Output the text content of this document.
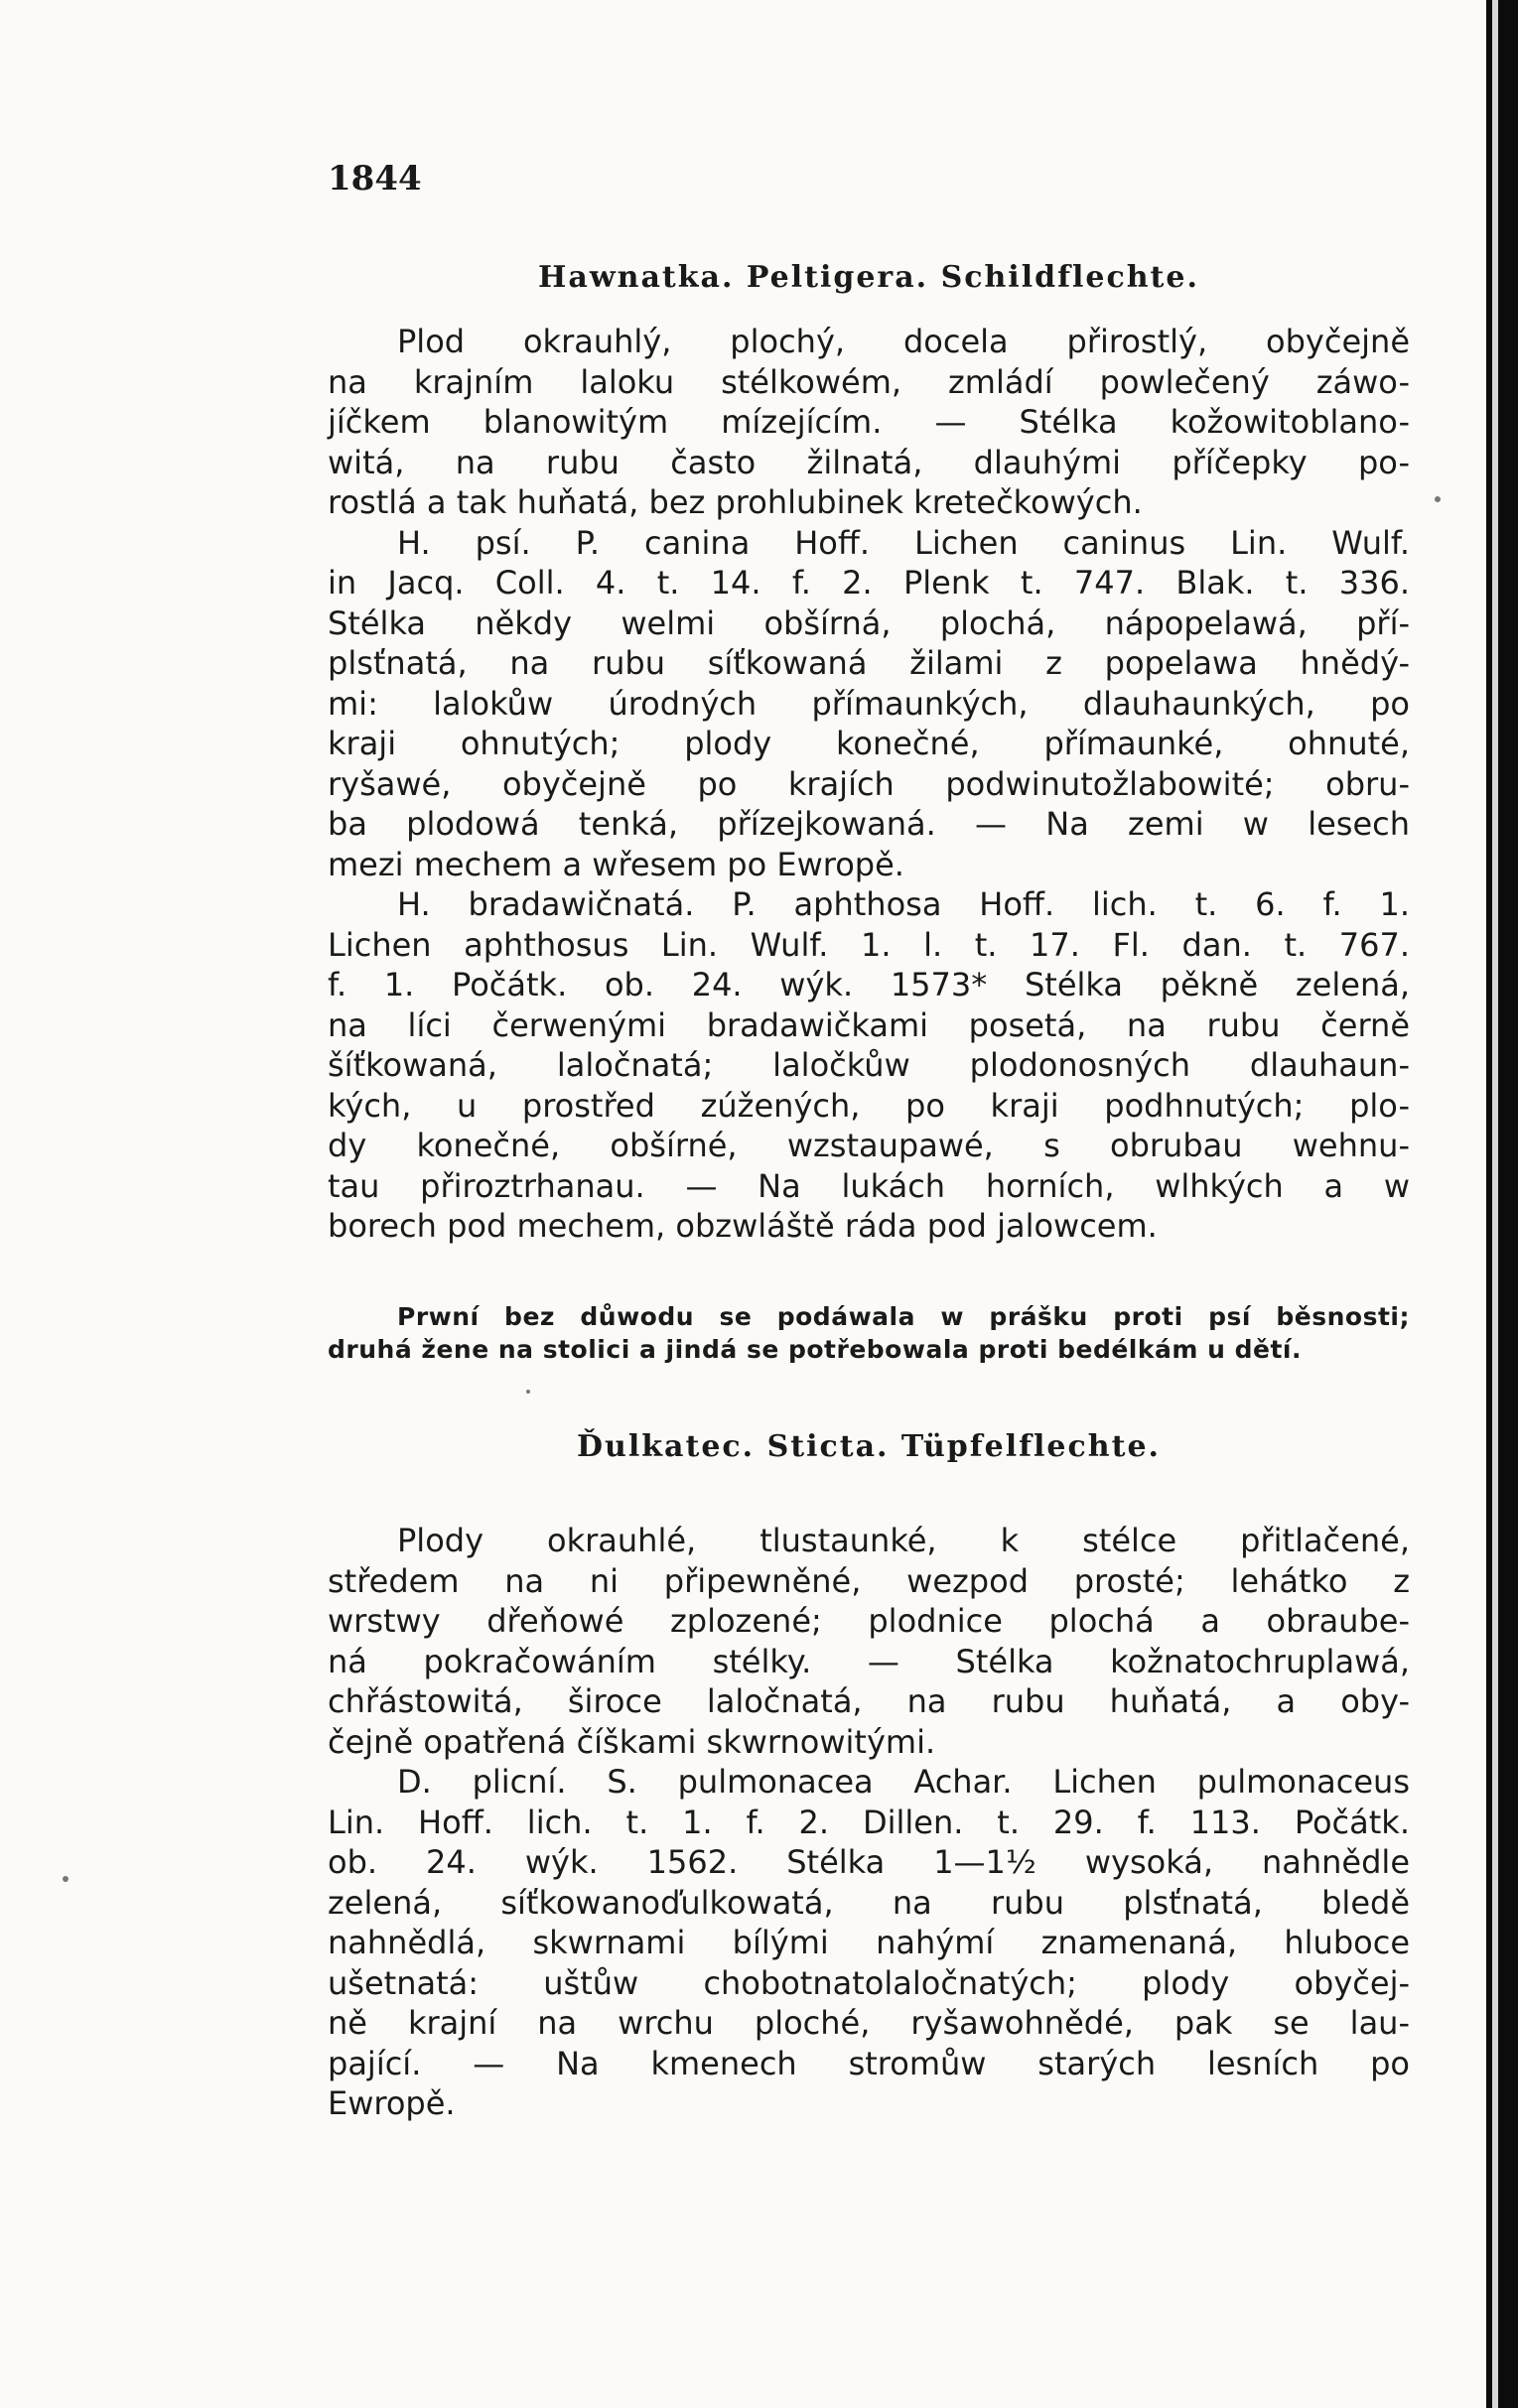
1844
Hawnatka. Peltigera. Schildflechte.
Plod okrauhlý, plochý, docela přirostlý, obyčejně
na krajním laloku stélkowém, zmládí powlečený záwo-
jíčkem blanowitým mízejícím. — Stélka kožowitoblano-
witá, na rubu často žilnatá, dlauhými příčepky po-
rostlá a tak huňatá, bez prohlubinek kretečkowých.
H. psí. P. canina Hoff. Lichen caninus Lin. Wulf.
in Jacq. Coll. 4. t. 14. f. 2. Plenk t. 747. Blak. t. 336.
Stélka někdy welmi obšírná, plochá, nápopelawá, pří-
plsťnatá, na rubu síťkowaná žilami z popelawa hnědý-
mi: lalokůw úrodných přímaunkých, dlauhaunkých, po
kraji ohnutých; plody konečné, přímaunké, ohnuté,
ryšawé, obyčejně po krajích podwinutožlabowité; obru-
ba plodowá tenká, přízejkowaná. — Na zemi w lesech
mezi mechem a wřesem po Ewropě.
H. bradawičnatá. P. aphthosa Hoff. lich. t. 6. f. 1.
Lichen aphthosus Lin. Wulf. 1. l. t. 17. Fl. dan. t. 767.
f. 1. Počátk. ob. 24. wýk. 1573* Stélka pěkně zelená,
na líci čerwenými bradawičkami posetá, na rubu černě
šíťkowaná, laločnatá; laločkůw plodonosných dlauhaun-
kých, u prostřed zúžených, po kraji podhnutých; plo-
dy konečné, obšírné, wzstaupawé, s obrubau wehnu-
tau přiroztrhanau. — Na lukách horních, wlhkých a w
borech pod mechem, obzwláště ráda pod jalowcem.
Prwní bez důwodu se podáwala w prášku proti psí běsnosti;
druhá žene na stolici a jindá se potřebowala proti bedélkám u dětí.
Ďulkatec. Sticta. Tüpfelflechte.
Plody okrauhlé, tlustaunké, k stélce přitlačené,
středem na ni připewněné, wezpod prosté; lehátko z
wrstwy dřeňowé zplozené; plodnice plochá a obraube-
ná pokračowáním stélky. — Stélka kožnatochruplawá,
chřástowitá, široce laločnatá, na rubu huňatá, a oby-
čejně opatřená číškami skwrnowitými.
D. plicní. S. pulmonacea Achar. Lichen pulmonaceus
Lin. Hoff. lich. t. 1. f. 2. Dillen. t. 29. f. 113. Počátk.
ob. 24. wýk. 1562. Stélka 1—1½ wysoká, nahnědle
zelená, síťkowanoďulkowatá, na rubu plsťnatá, bledě
nahnědlá, skwrnami bílými nahýmí znamenaná, hluboce
ušetnatá: uštůw chobotnatolaločnatých; plody obyčej-
ně krajní na wrchu ploché, ryšawohnědé, pak se lau-
pající. — Na kmenech stromůw starých lesních po
Ewropě.
